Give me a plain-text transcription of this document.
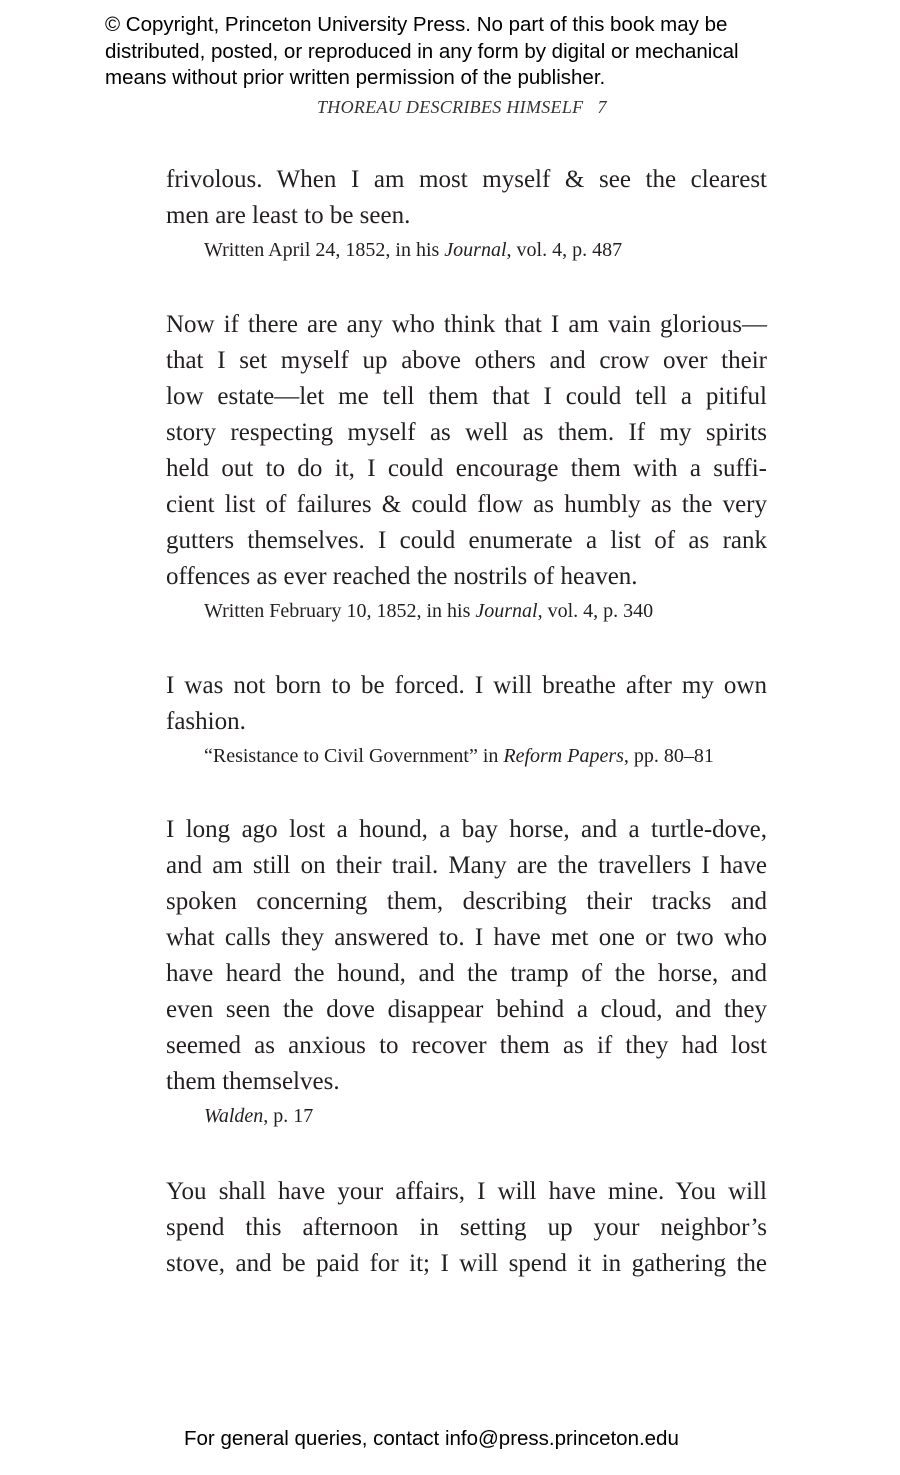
© Copyright, Princeton University Press. No part of this book may be
distributed, posted, or reproduced in any form by digital or mechanical
means without prior written permission of the publisher.
THOREAU DESCRIBES HIMSELF 7
frivolous. When I am most myself & see the clearest
men are least to be seen.
Written April 24, 1852, in his Journal, vol. 4, p. 487
Now if there are any who think that I am vain glorious—
that I set myself up above others and crow over their
low estate—let me tell them that I could tell a pitiful
story respecting myself as well as them. If my spirits
held out to do it, I could encourage them with a suffi-
cient list of failures & could flow as humbly as the very
gutters themselves. I could enumerate a list of as rank
offences as ever reached the nostrils of heaven.
Written February 10, 1852, in his Journal, vol. 4, p. 340
I was not born to be forced. I will breathe after my own
fashion.
“Resistance to Civil Government” in Reform Papers, pp. 80–81
I long ago lost a hound, a bay horse, and a turtle-dove,
and am still on their trail. Many are the travellers I have
spoken concerning them, describing their tracks and
what calls they answered to. I have met one or two who
have heard the hound, and the tramp of the horse, and
even seen the dove disappear behind a cloud, and they
seemed as anxious to recover them as if they had lost
them themselves.
Walden, p. 17
You shall have your affairs, I will have mine. You will
spend this afternoon in setting up your neighbor’s
stove, and be paid for it; I will spend it in gathering the
For general queries, contact info@press.princeton.edu
